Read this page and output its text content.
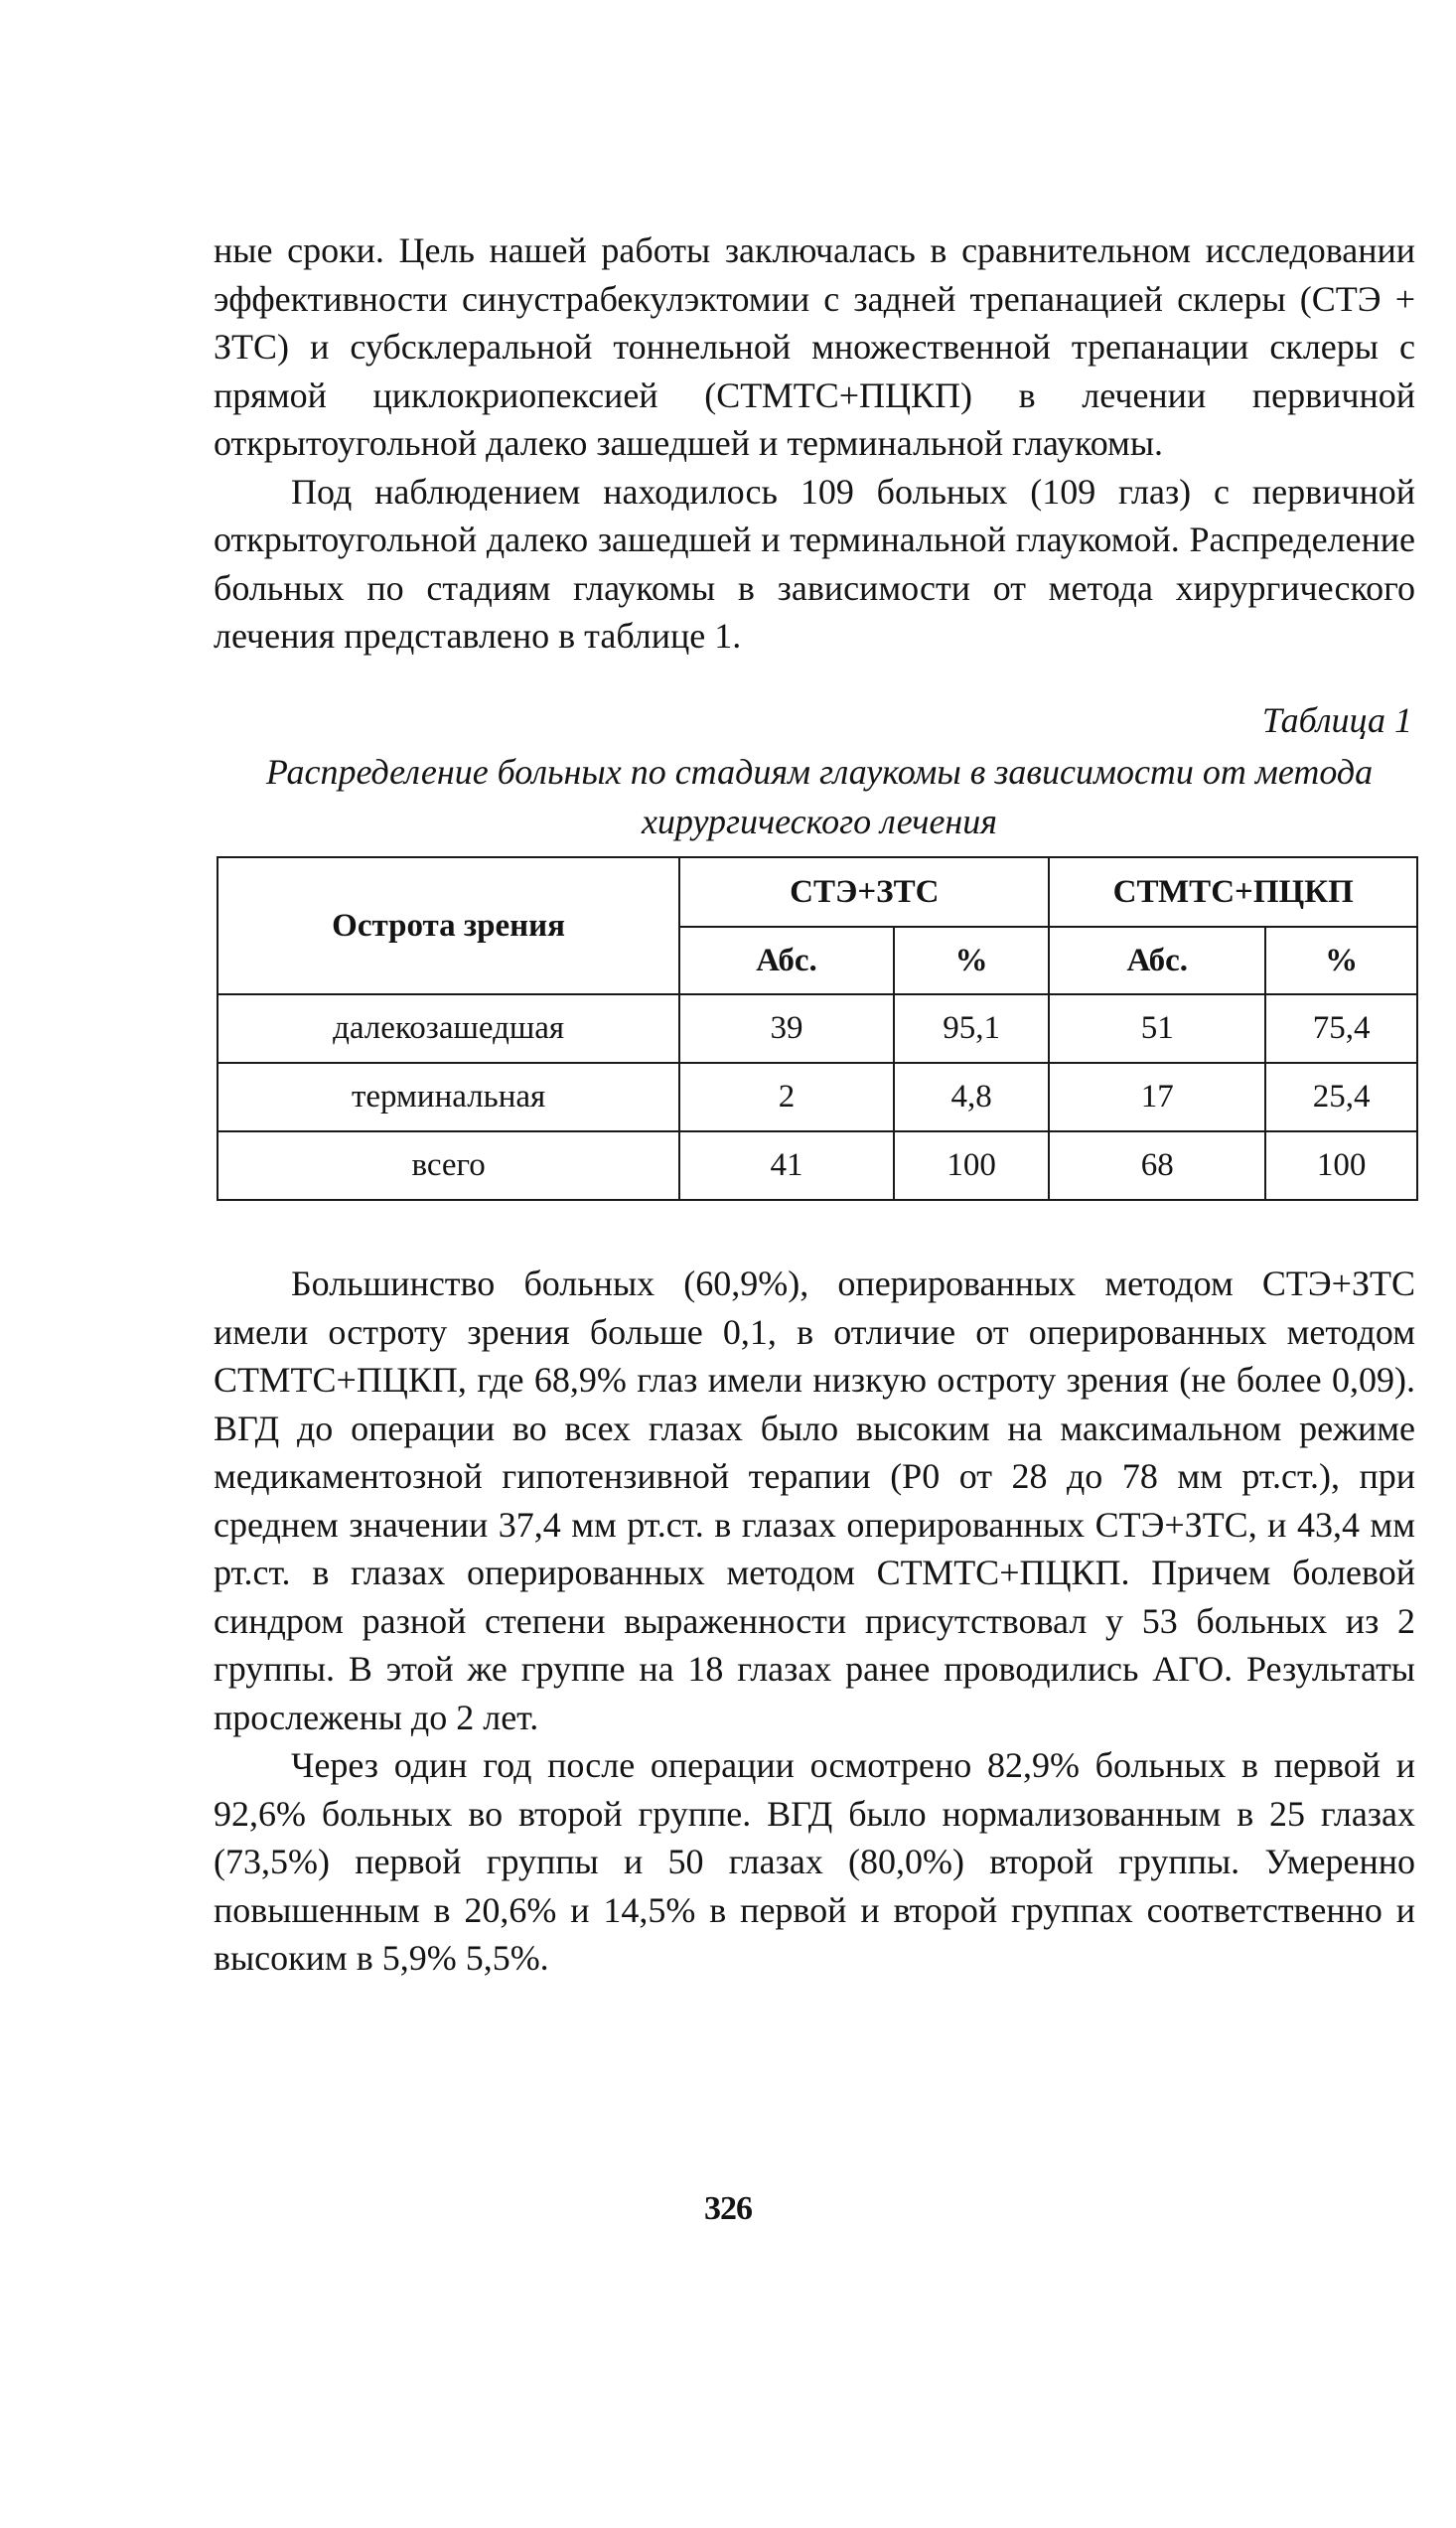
ные сроки. Цель нашей работы заключалась в сравнительном исследовании эффективности синустрабекулэктомии с задней трепанацией склеры (СТЭ + ЗТС) и субсклеральной тоннельной множественной трепанации склеры с прямой циклокриопексией (СТМТС+ПЦКП) в лечении первичной открытоугольной далеко зашедшей и терминальной глаукомы.

Под наблюдением находилось 109 больных (109 глаз) с первичной открытоугольной далеко зашедшей и терминальной глаукомой. Распределение больных по стадиям глаукомы в зависимости от метода хирургического лечения представлено в таблице 1.

Таблица 1
Распределение больных по стадиям глаукомы в зависимости от метода хирургического лечения
Острота зрения	СТЭ+ЗТС		СТМТС+ПЦКП	
	Абс.	%	Абс.	%
далекозашедшая	39	95,1	51	75,4
терминальная	2	4,8	17	25,4
всего	41	100	68	100

Большинство больных (60,9%), оперированных методом СТЭ+ЗТС имели остроту зрения больше 0,1, в отличие от оперированных методом СТМТС+ПЦКП, где 68,9% глаз имели низкую остроту зрения (не более 0,09). ВГД до операции во всех глазах было высоким на максимальном режиме медикаментозной гипотензивной терапии (Р0 от 28 до 78 мм рт.ст.), при среднем значении 37,4 мм рт.ст. в глазах оперированных СТЭ+ЗТС, и 43,4 мм рт.ст. в глазах оперированных методом СТМТС+ПЦКП. Причем болевой синдром разной степени выраженности присутствовал у 53 больных из 2 группы. В этой же группе на 18 глазах ранее проводились АГО. Результаты прослежены до 2 лет.

Через один год после операции осмотрено 82,9% больных в первой и 92,6% больных во второй группе. ВГД было нормализованным в 25 глазах (73,5%) первой группы и 50 глазах (80,0%) второй группы. Умеренно повышенным в 20,6% и 14,5% в первой и второй группах соответственно и высоким в 5,9% 5,5%.

326
